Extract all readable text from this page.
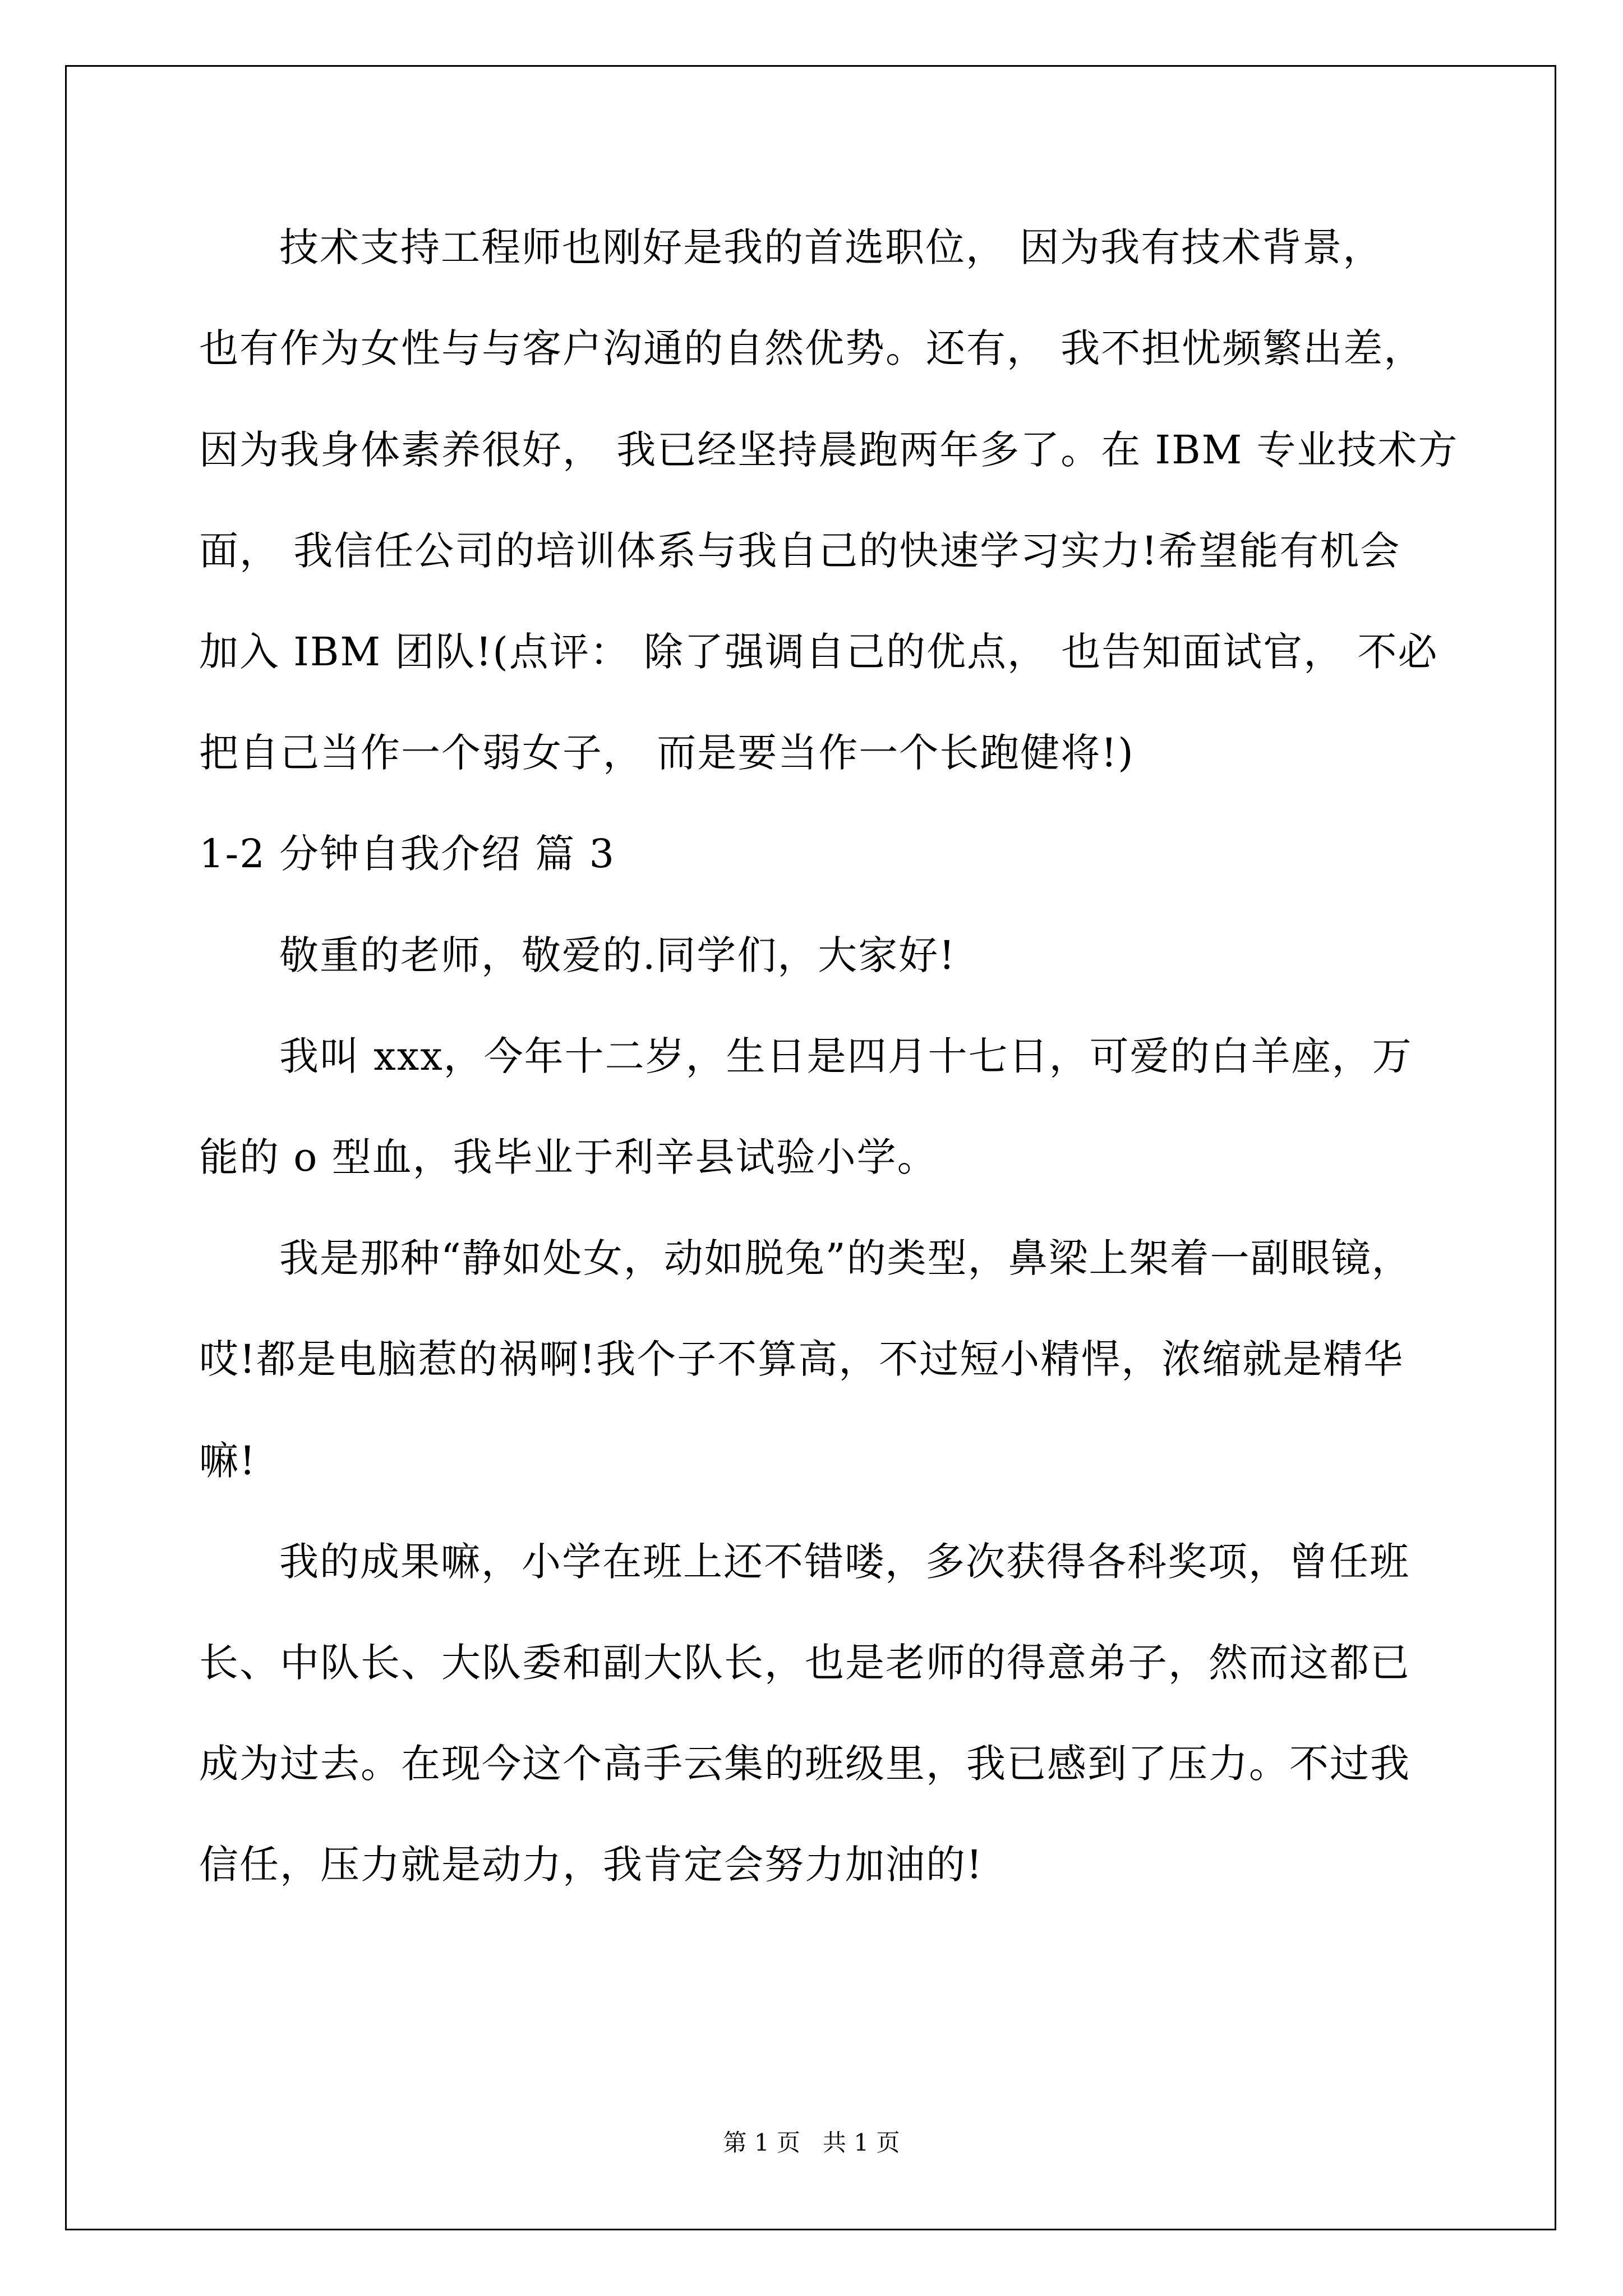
技术支持工程师也刚好是我的首选职位， 因为我有技术背景，

也有作为女性与与客户沟通的自然优势。还有， 我不担忧频繁出差，

因为我身体素养很好， 我已经坚持晨跑两年多了。在 IBM 专业技术方

面， 我信任公司的培训体系与我自己的快速学习实力!希望能有机会

加入 IBM 团队!(点评： 除了强调自己的优点， 也告知面试官， 不必

把自己当作一个弱女子， 而是要当作一个长跑健将!)

1-2 分钟自我介绍 篇 3

敬重的老师，敬爱的.同学们，大家好!

我叫 xxx，今年十二岁，生日是四月十七日，可爱的白羊座，万

能的 o 型血，我毕业于利辛县试验小学。

我是那种“静如处女，动如脱兔”的类型，鼻梁上架着一副眼镜，

哎!都是电脑惹的祸啊!我个子不算高，不过短小精悍，浓缩就是精华

嘛!

我的成果嘛，小学在班上还不错喽，多次获得各科奖项，曾任班

长、中队长、大队委和副大队长，也是老师的得意弟子，然而这都已

成为过去。在现今这个高手云集的班级里，我已感到了压力。不过我

信任，压力就是动力，我肯定会努力加油的!

第 1 页   共 1 页
